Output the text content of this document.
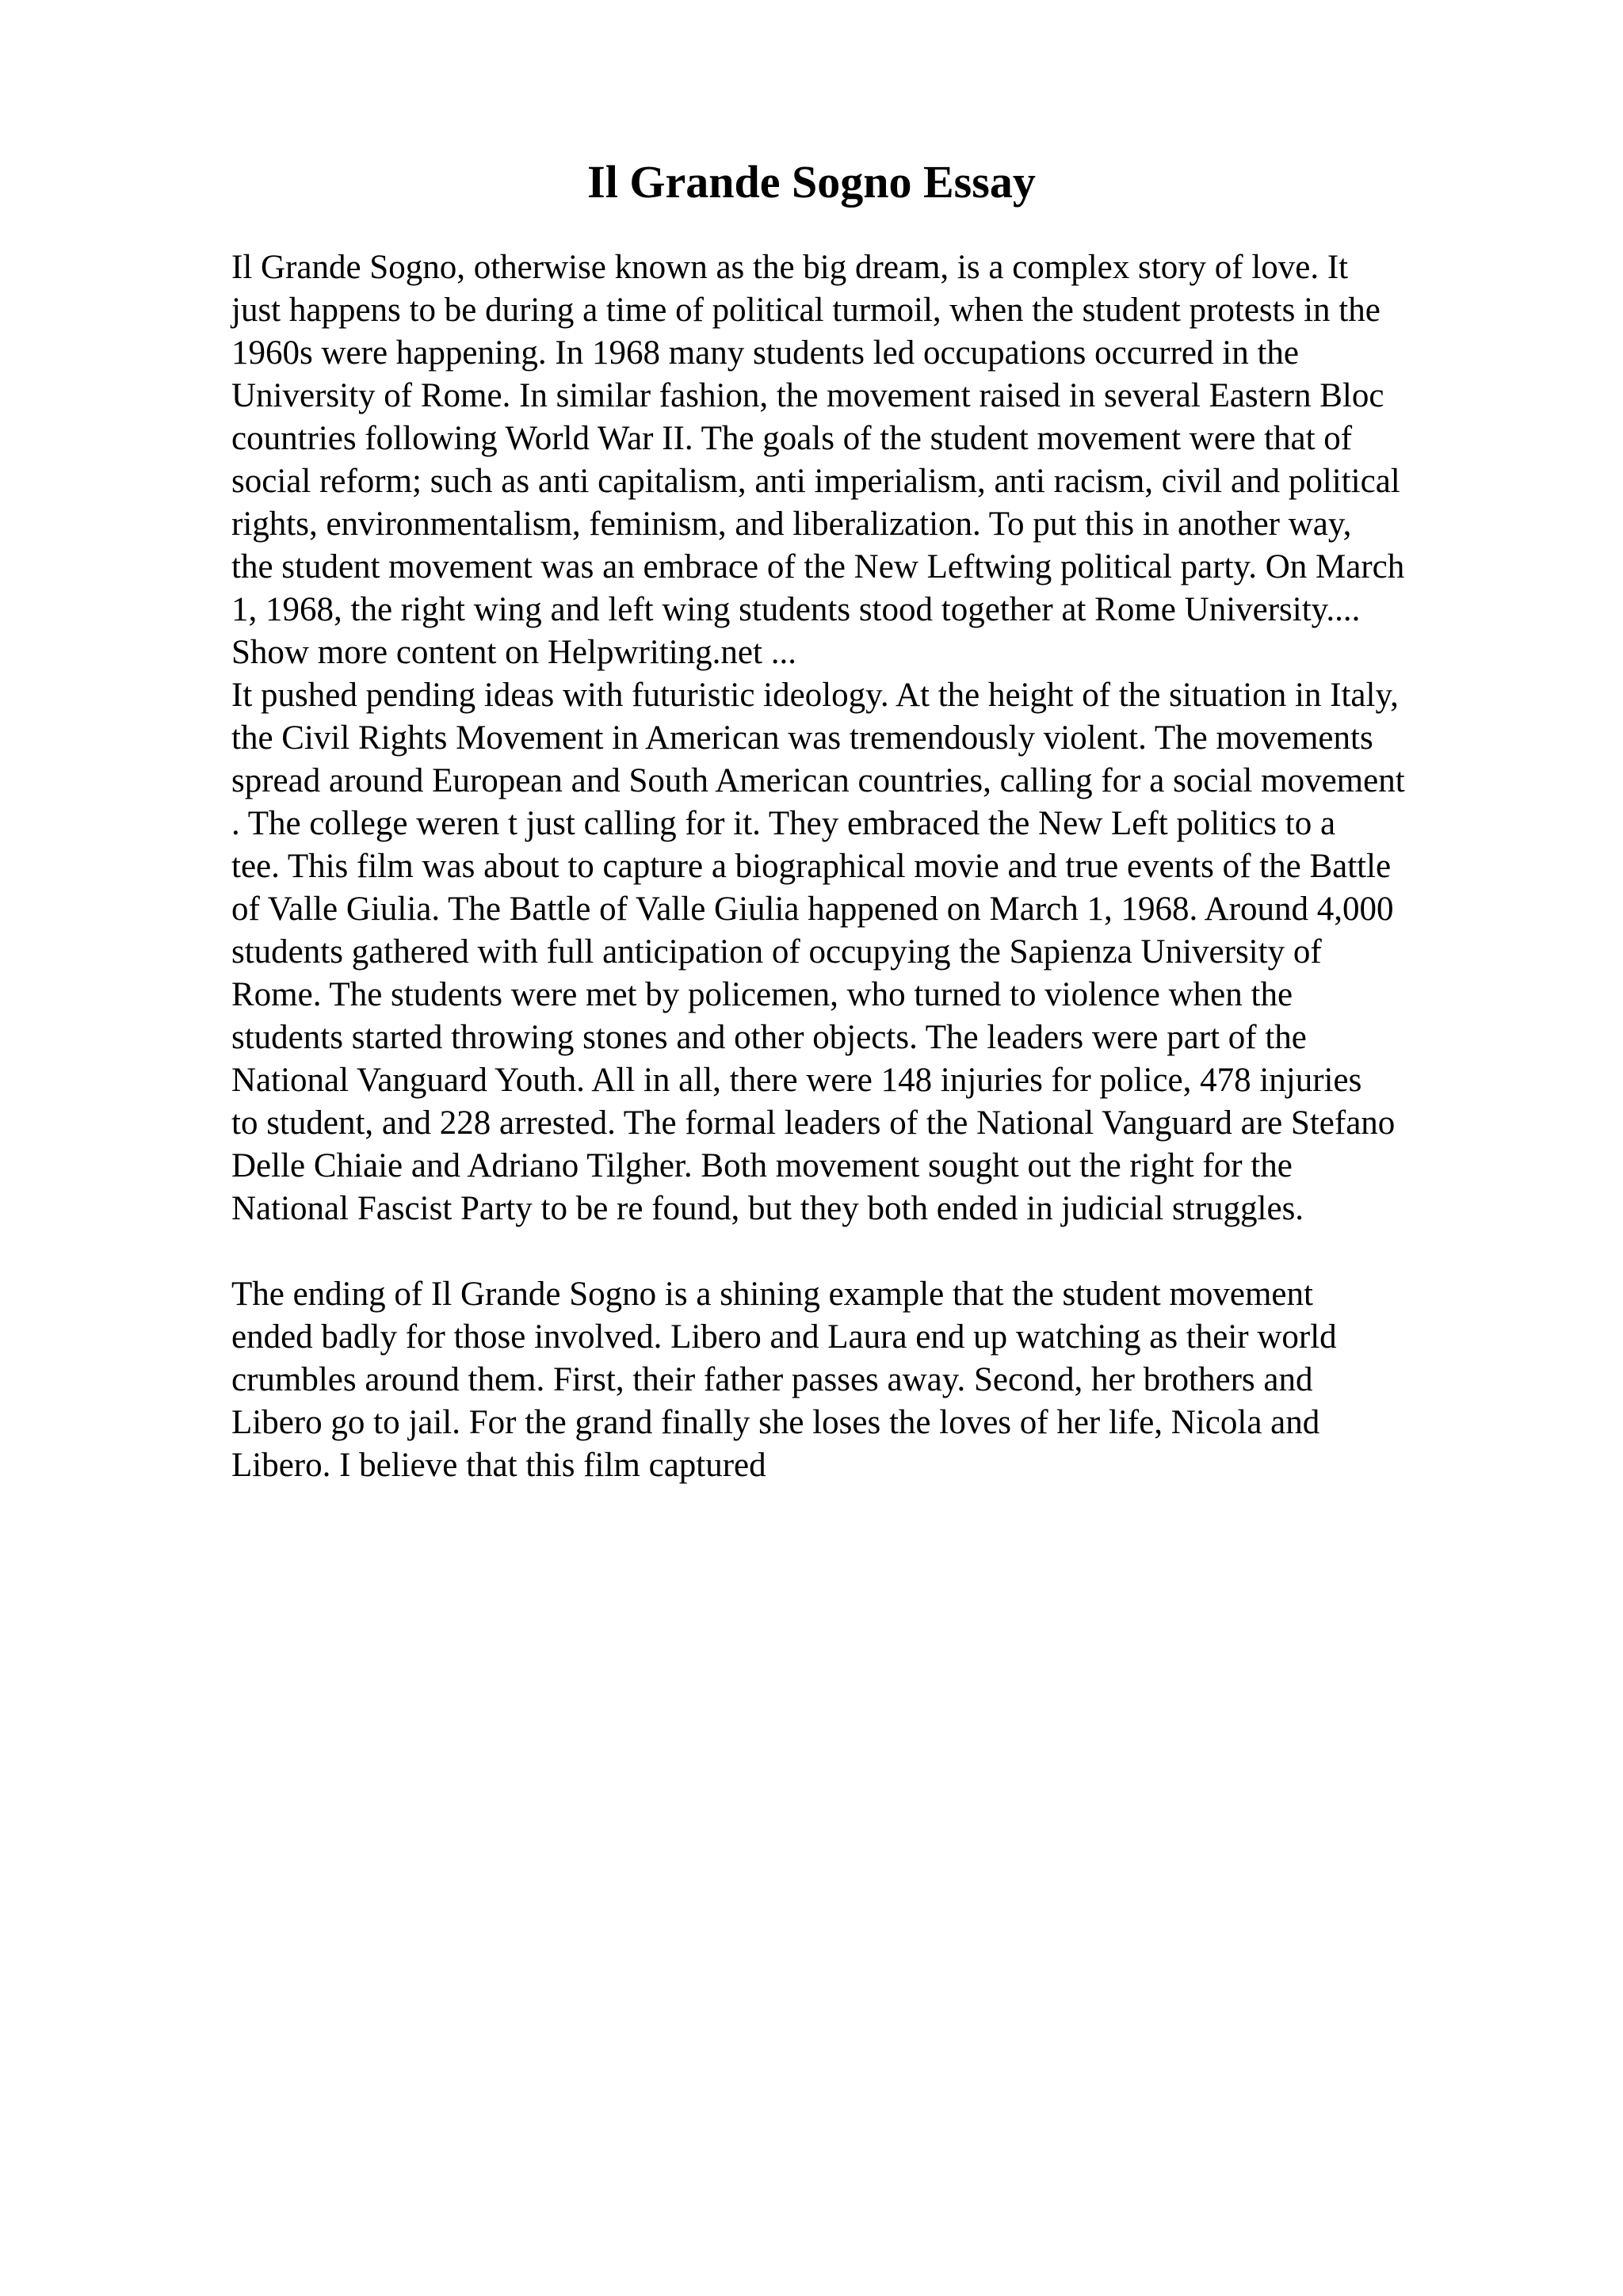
Il Grande Sogno Essay
Il Grande Sogno, otherwise known as the big dream, is a complex story of love. It
just happens to be during a time of political turmoil, when the student protests in the
1960s were happening. In 1968 many students led occupations occurred in the
University of Rome. In similar fashion, the movement raised in several Eastern Bloc
countries following World War II. The goals of the student movement were that of
social reform; such as anti capitalism, anti imperialism, anti racism, civil and political
rights, environmentalism, feminism, and liberalization. To put this in another way,
the student movement was an embrace of the New Leftwing political party. On March
1, 1968, the right wing and left wing students stood together at Rome University....
Show more content on Helpwriting.net ...
It pushed pending ideas with futuristic ideology. At the height of the situation in Italy,
the Civil Rights Movement in American was tremendously violent. The movements
spread around European and South American countries, calling for a social movement
. The college weren t just calling for it. They embraced the New Left politics to a
tee. This film was about to capture a biographical movie and true events of the Battle
of Valle Giulia. The Battle of Valle Giulia happened on March 1, 1968. Around 4,000
students gathered with full anticipation of occupying the Sapienza University of
Rome. The students were met by policemen, who turned to violence when the
students started throwing stones and other objects. The leaders were part of the
National Vanguard Youth. All in all, there were 148 injuries for police, 478 injuries
to student, and 228 arrested. The formal leaders of the National Vanguard are Stefano
Delle Chiaie and Adriano Tilgher. Both movement sought out the right for the
National Fascist Party to be re found, but they both ended in judicial struggles.
The ending of Il Grande Sogno is a shining example that the student movement
ended badly for those involved. Libero and Laura end up watching as their world
crumbles around them. First, their father passes away. Second, her brothers and
Libero go to jail. For the grand finally she loses the loves of her life, Nicola and
Libero. I believe that this film captured
